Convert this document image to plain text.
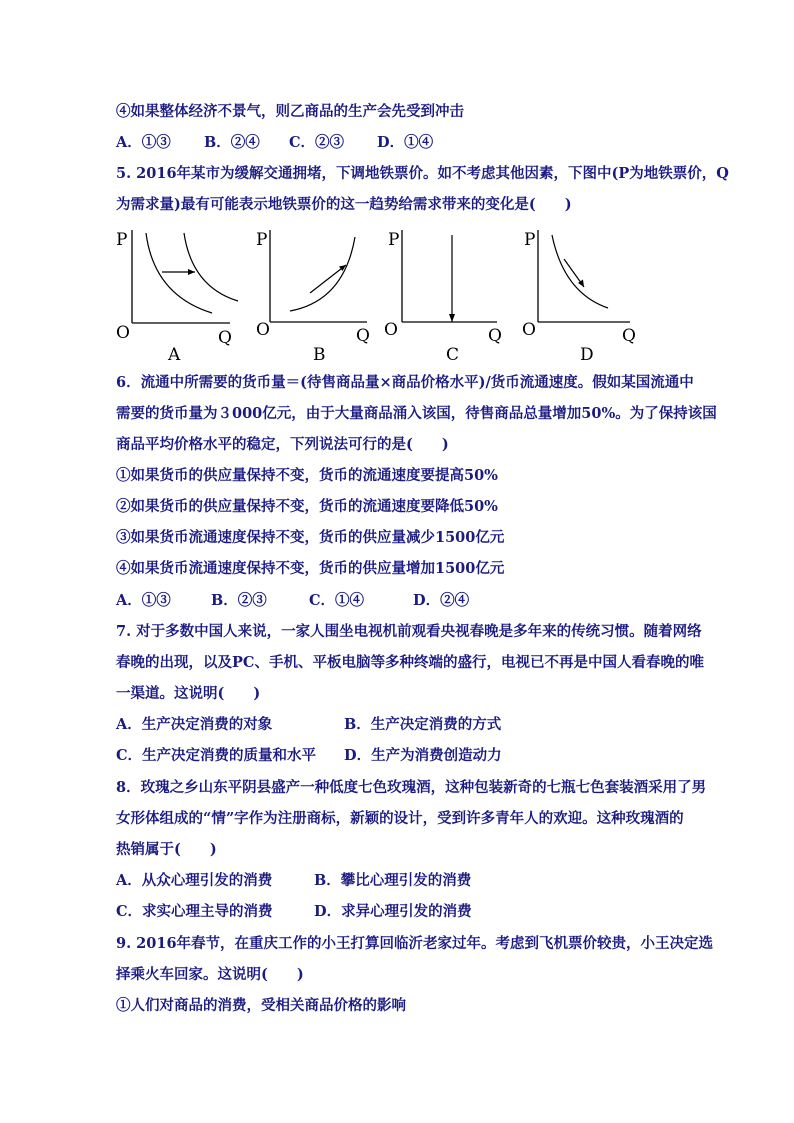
④如果整体经济不景气，则乙商品的生产会先受到冲击
A．①③ B．②④ C．②③ D．①④
5. 2016年某市为缓解交通拥堵，下调地铁票价。如不考虑其他因素，下图中(P为地铁票价，Q
为需求量)最有可能表示地铁票价的这一趋势给需求带来的变化是(　　)
P
O	Q
A
P
O	Q
B
P
O	Q
C
P
O	Q
D
6．流通中所需要的货币量＝(待售商品量×商品价格水平)/货币流通速度。假如某国流通中
需要的货币量为３000亿元，由于大量商品涌入该国，待售商品总量增加50%。为了保持该国
商品平均价格水平的稳定，下列说法可行的是(　　)
①如果货币的供应量保持不变，货币的流通速度要提高50%
②如果货币的供应量保持不变，货币的流通速度要降低50%
③如果货币流通速度保持不变，货币的供应量减少1500亿元
④如果货币流通速度保持不变，货币的供应量增加1500亿元
A．①③	B．②③	C．①④	D．②④
7. 对于多数中国人来说，一家人围坐电视机前观看央视春晚是多年来的传统习惯。随着网络
春晚的出现，以及PC、手机、平板电脑等多种终端的盛行，电视已不再是中国人看春晚的唯
一渠道。这说明(　　)
A．生产决定消费的对象	B．生产决定消费的方式
C．生产决定消费的质量和水平 D．生产为消费创造动力
8．玫瑰之乡山东平阴县盛产一种低度七色玫瑰酒，这种包装新奇的七瓶七色套装酒采用了男
女形体组成的“情”字作为注册商标，新颖的设计，受到许多青年人的欢迎。这种玫瑰酒的
热销属于(　　)
A．从众心理引发的消费	B．攀比心理引发的消费
C．求实心理主导的消费	D．求异心理引发的消费
9. 2016年春节，在重庆工作的小王打算回临沂老家过年。考虑到飞机票价较贵，小王决定选
择乘火车回家。这说明(　　)
①人们对商品的消费，受相关商品价格的影响
